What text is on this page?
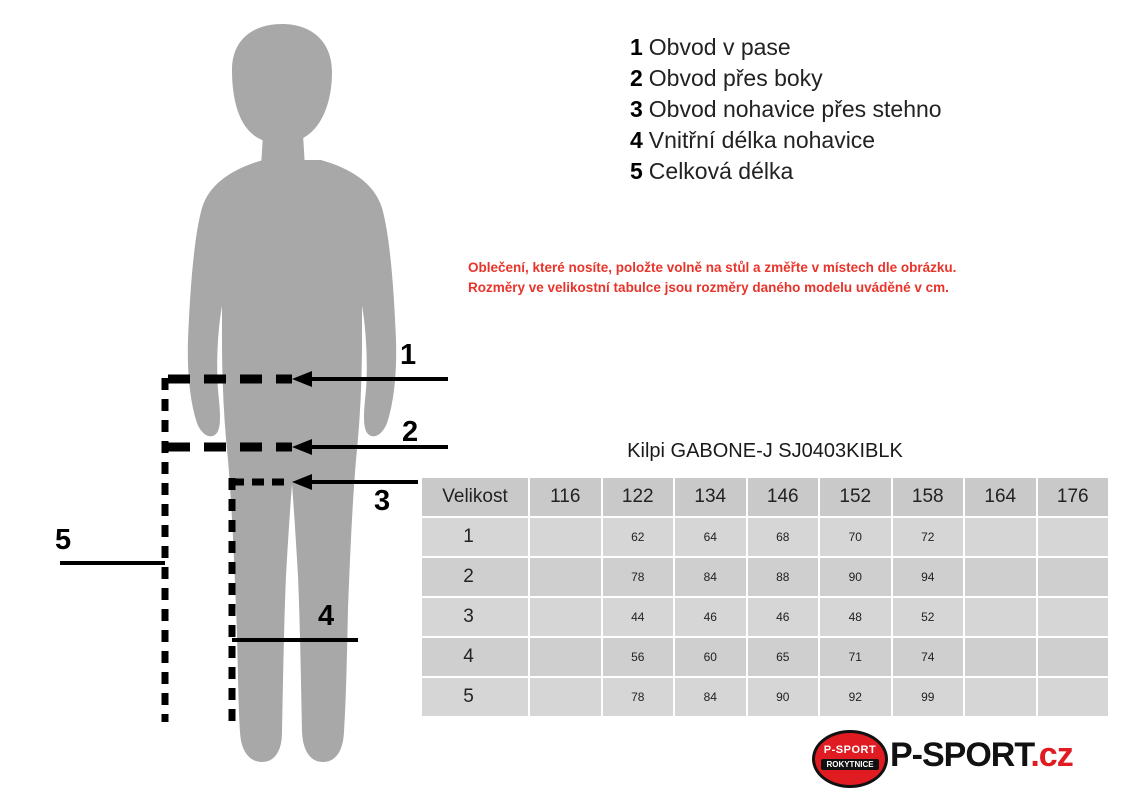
1
2
3
4
5
1 Obvod v pase
2 Obvod přes boky
3 Obvod nohavice přes stehno
4 Vnitřní délka nohavice
5 Celková délka
Oblečení, které nosíte, položte volně na stůl a změřte v místech dle obrázku.
Rozměry ve velikostní tabulce jsou rozměry daného modelu uváděné v cm.
Kilpi GABONE-J SJ0403KIBLK
Velikost	116	122	134	146	152	158	164	176
1		62	64	68	70	72		
2		78	84	88	90	94		
3		44	46	46	48	52		
4		56	60	65	71	74		
5		78	84	90	92	99		
P-SPORT
ROKYTNICE P-SPORT.cz
